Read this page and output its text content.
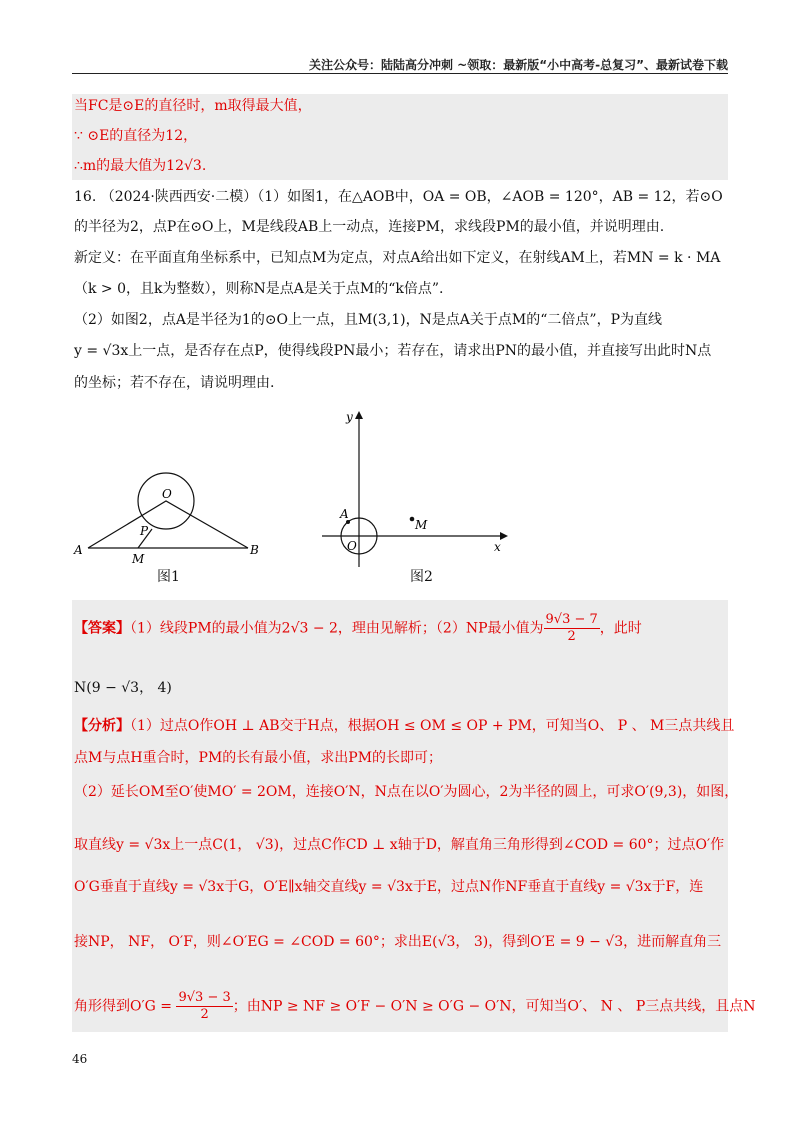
关注公众号：陆陆高分冲刺 ~领取：最新版“小中高考-总复习”、最新试卷下载
当FC是⊙E的直径时，m取得最大值，
∵ ⊙E的直径为12，
∴m的最大值为12√3.
16. （2024·陕西西安·二模）（1）如图1，在△AOB中，OA = OB，∠AOB = 120°，AB = 12，若⊙O
的半径为2，点P在⊙O上，M是线段AB上一动点，连接PM，求线段PM的最小值，并说明理由.
新定义：在平面直角坐标系中，已知点M为定点，对点A给出如下定义，在射线AM上，若MN = k · MA
（k > 0，且k为整数），则称N是点A是关于点M的“k倍点”.
（2）如图2，点A是半径为1的⊙O上一点，且M(3,1)，N是点A关于点M的“二倍点”，P为直线
y = √3x上一点，是否存在点P，使得线段PN最小；若存在，请求出PN的最小值，并直接写出此时N点
的坐标；若不存在，请说明理由.
O
P
A
M
B
图1
y
x
A
O
M
图2
【答案】（1）线段PM的最小值为2√3 − 2，理由见解析；（2）NP最小值为 $\frac{9√3 - 7}{2}$ ，此时
N(9 − √3， 4)
【分析】（1）过点O作OH ⊥ AB交于H点，根据OH ≤ OM ≤ OP + PM，可知当O、 P 、 M三点共线且
点M与点H重合时，PM的长有最小值，求出PM的长即可；
（2）延长OM至O′使MO′ = 2OM，连接O′N，N点在以O′为圆心，2为半径的圆上，可求O′(9,3)，如图，
取直线y = √3x上一点C(1， √3)，过点C作CD ⊥ x轴于D，解直角三角形得到∠COD = 60°；过点O′作
O′G垂直于直线y = √3x于G，O′E∥x轴交直线y = √3x于E，过点N作NF垂直于直线y = √3x于F，连
接NP， NF， O′F，则∠O′EG = ∠COD = 60°；求出E(√3， 3)，得到O′E = 9 − √3，进而解直角三
角形得到$O'G = \frac{9√3 - 3}{2}$ ；由NP ≥ NF ≥ O′F − O′N ≥ O′G − O′N，可知当O′、 N 、 P三点共线，且点N
46
